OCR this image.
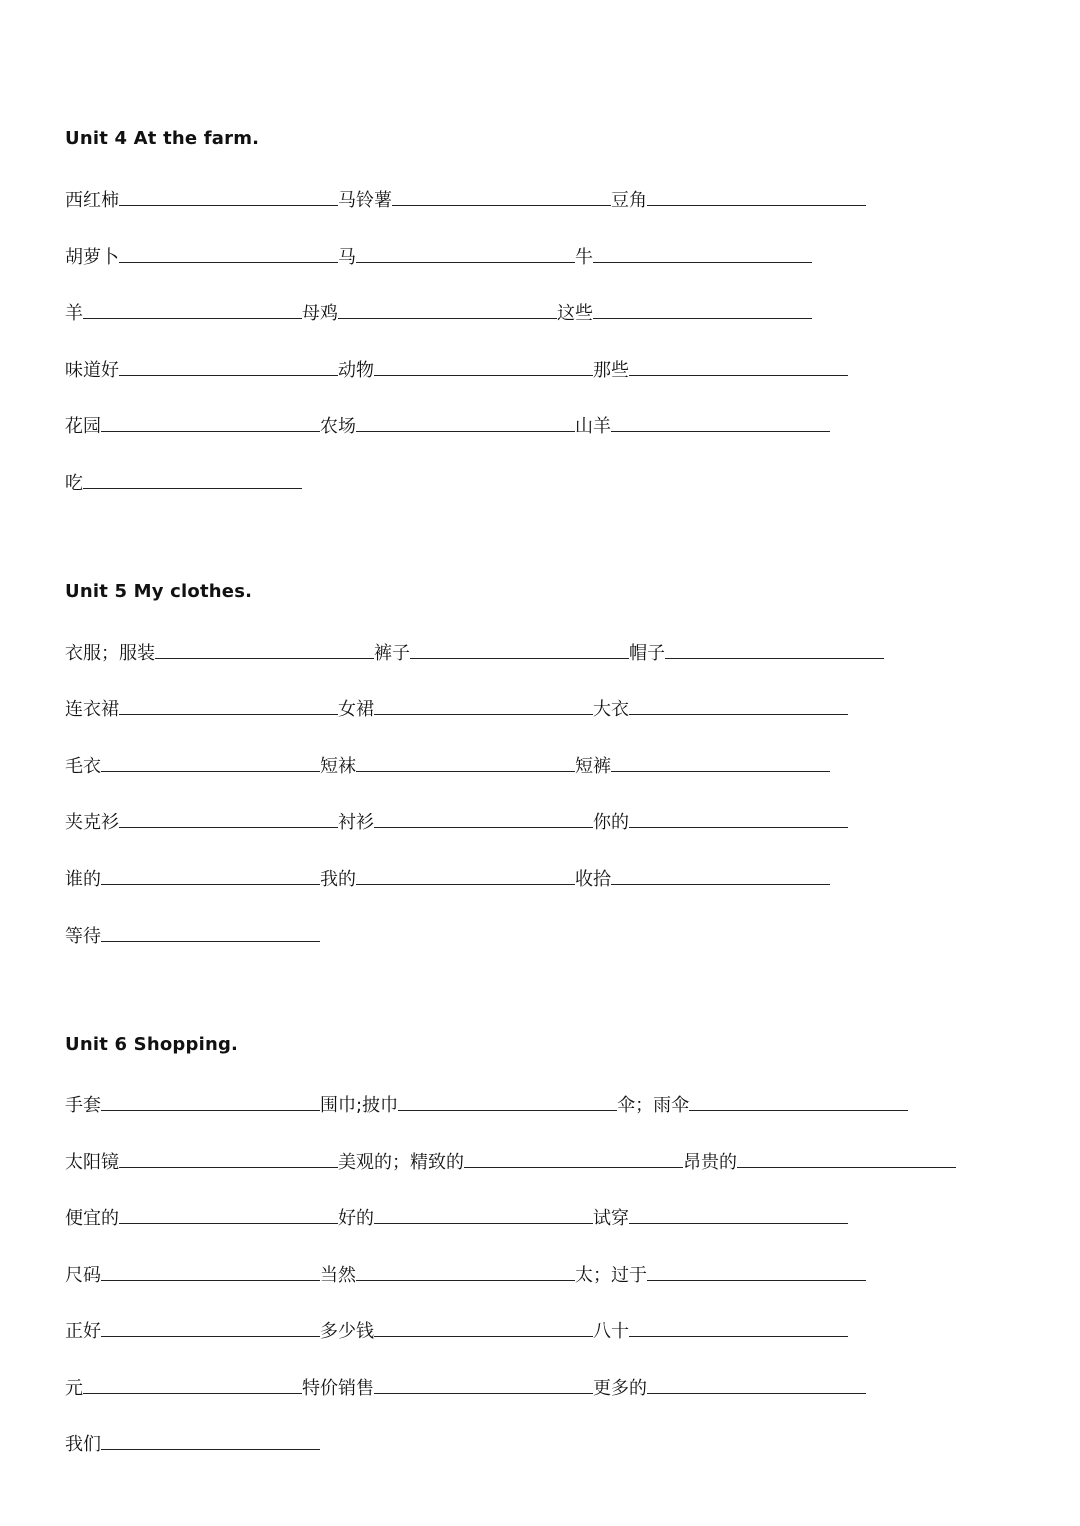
Unit 4 At the farm.
西红柿	马铃薯	豆角
胡萝卜	马	牛
羊	母鸡	这些
味道好	动物	那些
花园	农场	山羊
吃
Unit 5 My clothes.
衣服；服装	裤子	帽子
连衣裙	女裙	大衣
毛衣	短袜	短裤
夹克衫	衬衫	你的
谁的	我的	收拾
等待
Unit 6 Shopping.
手套	围巾;披巾	伞；雨伞
太阳镜	美观的；精致的	昂贵的
便宜的	好的	试穿
尺码	当然	太；过于
正好	多少钱	八十
元	特价销售	更多的
我们
